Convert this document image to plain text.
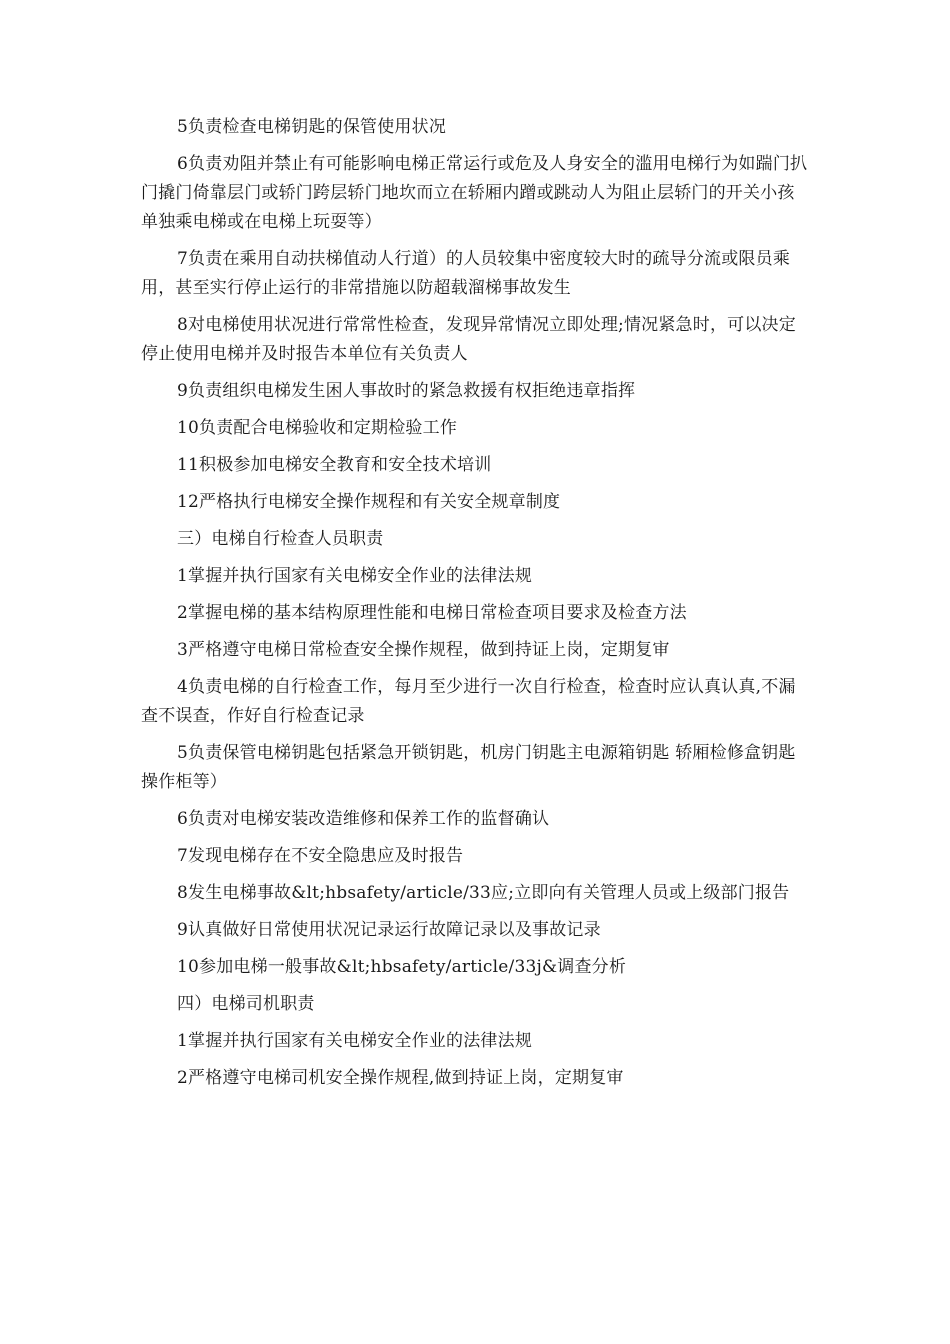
5负责检查电梯钥匙的保管使用状况

6负责劝阻并禁止有可能影响电梯正常运行或危及人身安全的滥用电梯行为如踹门扒门撬门倚靠层门或轿门跨层轿门地坎而立在轿厢内蹭或跳动人为阻止层轿门的开关小孩单独乘电梯或在电梯上玩耍等）

7负责在乘用自动扶梯值动人行道）的人员较集中密度较大时的疏导分流或限员乘用，甚至实行停止运行的非常措施以防超载溜梯事故发生

8对电梯使用状况进行常常性检查，发现异常情况立即处理;情况紧急时，可以决定停止使用电梯并及时报告本单位有关负责人

9负责组织电梯发生困人事故时的紧急救援有权拒绝违章指挥

10负责配合电梯验收和定期检验工作

11积极参加电梯安全教育和安全技术培训

12严格执行电梯安全操作规程和有关安全规章制度

三）电梯自行检查人员职责

1掌握并执行国家有关电梯安全作业的法律法规

2掌握电梯的基本结构原理性能和电梯日常检查项目要求及检查方法

3严格遵守电梯日常检查安全操作规程，做到持证上岗，定期复审

4负责电梯的自行检查工作，每月至少进行一次自行检查，检查时应认真认真,不漏查不误查，作好自行检查记录

5负责保管电梯钥匙包括紧急开锁钥匙，机房门钥匙主电源箱钥匙 轿厢检修盒钥匙操作柜等）

6负责对电梯安装改造维修和保养工作的监督确认

7发现电梯存在不安全隐患应及时报告

8发生电梯事故&lt;hbsafety/article/33应;立即向有关管理人员或上级部门报告

9认真做好日常使用状况记录运行故障记录以及事故记录

10参加电梯一般事故&lt;hbsafety/article/33j&调查分析

四）电梯司机职责

1掌握并执行国家有关电梯安全作业的法律法规

2严格遵守电梯司机安全操作规程,做到持证上岗，定期复审
